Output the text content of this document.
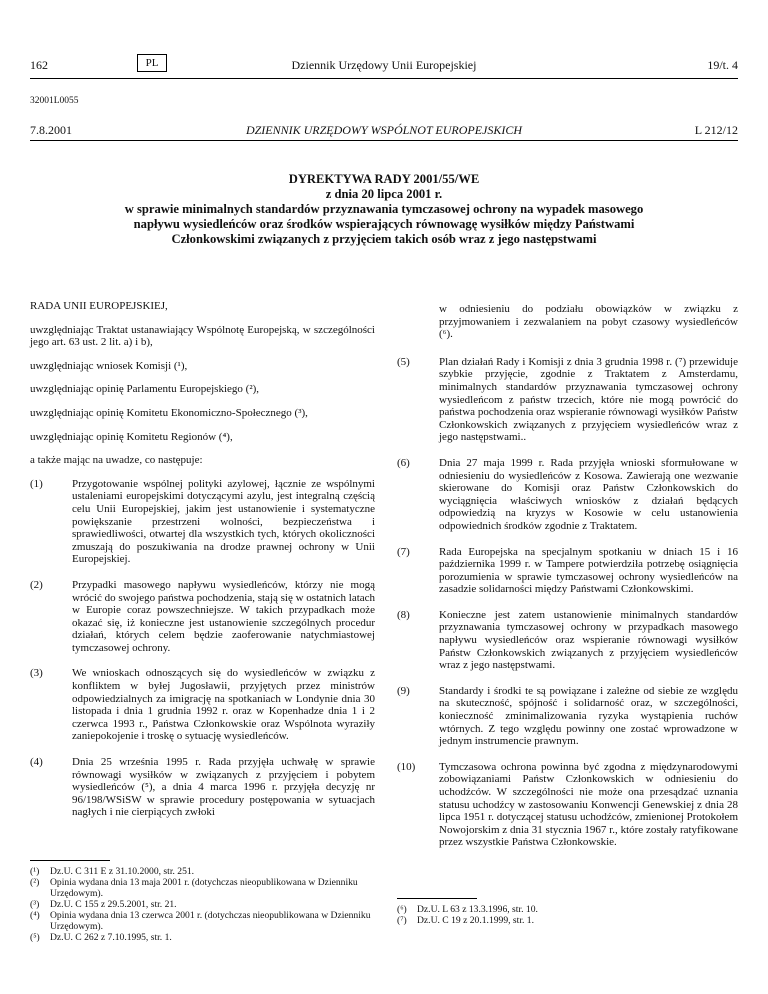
162	PL	Dziennik Urzędowy Unii Europejskiej	19/t. 4
32001L0055
7.8.2001	DZIENNIK URZĘDOWY WSPÓLNOT EUROPEJSKICH	L 212/12
DYREKTYWA RADY 2001/55/WE
z dnia 20 lipca 2001 r.
w sprawie minimalnych standardów przyznawania tymczasowej ochrony na wypadek masowego
napływu wysiedleńców oraz środków wspierających równowagę wysiłków między Państwami
Członkowskimi związanych z przyjęciem takich osób wraz z jego następstwami

RADA UNII EUROPEJSKIEJ,

uwzględniając Traktat ustanawiający Wspólnotę Europejską, w szczególności jego art. 63 ust. 2 lit. a) i b),

uwzględniając wniosek Komisji (¹),

uwzględniając opinię Parlamentu Europejskiego (²),

uwzględniając opinię Komitetu Ekonomiczno-Społecznego (³),

uwzględniając opinię Komitetu Regionów (⁴),

a także mając na uwadze, co następuje:

(1)	Przygotowanie wspólnej polityki azylowej, łącznie ze wspólnymi ustaleniami europejskimi dotyczącymi azylu, jest integralną częścią celu Unii Europejskiej, jakim jest ustanowienie i systematyczne powiększanie przestrzeni wolności, bezpieczeństwa i sprawiedliwości, otwartej dla wszystkich tych, których okoliczności zmuszają do poszukiwania na drodze prawnej ochrony w Unii Europejskiej.
(2)	Przypadki masowego napływu wysiedleńców, którzy nie mogą wrócić do swojego państwa pochodzenia, stają się w ostatnich latach w Europie coraz powszechniejsze. W takich przypadkach może okazać się, iż konieczne jest ustanowienie szczególnych procedur działań, których celem będzie zaoferowanie natychmiastowej tymczasowej ochrony.
(3)	We wnioskach odnoszących się do wysiedleńców w związku z konfliktem w byłej Jugosławii, przyjętych przez ministrów odpowiedzialnych za imigrację na spotkaniach w Londynie dnia 30 listopada i dnia 1 grudnia 1992 r. oraz w Kopenhadze dnia 1 i 2 czerwca 1993 r., Państwa Członkowskie oraz Wspólnota wyraziły zaniepokojenie i troskę o sytuację wysiedleńców.
(4)	Dnia 25 września 1995 r. Rada przyjęła uchwałę w sprawie równowagi wysiłków w związanych z przyjęciem i pobytem wysiedleńców (⁵), a dnia 4 marca 1996 r. przyjęła decyzję nr 96/198/WSiSW w sprawie procedury postępowania w sytuacjach nagłych i nie cierpiących zwłoki
(¹)	Dz.U. C 311 E z 31.10.2000, str. 251.
(²)	Opinia wydana dnia 13 maja 2001 r. (dotychczas nieopublikowana w Dzienniku Urzędowym).
(³)	Dz.U. C 155 z 29.5.2001, str. 21.
(⁴)	Opinia wydana dnia 13 czerwca 2001 r. (dotychczas nieopublikowana w Dzienniku Urzędowym).
(⁵)	Dz.U. C 262 z 7.10.1995, str. 1.
w odniesieniu do podziału obowiązków w związku z przyjmowaniem i zezwalaniem na pobyt czasowy wysiedleńców (⁶).
(5)	Plan działań Rady i Komisji z dnia 3 grudnia 1998 r. (⁷) przewiduje szybkie przyjęcie, zgodnie z Traktatem z Amsterdamu, minimalnych standardów przyznawania tymczasowej ochrony wysiedleńcom z państw trzecich, które nie mogą powrócić do państwa pochodzenia oraz wspieranie równowagi wysiłków Państw Członkowskich związanych z przyjęciem wysiedleńców wraz z jego następstwami..
(6)	Dnia 27 maja 1999 r. Rada przyjęła wnioski sformułowane w odniesieniu do wysiedleńców z Kosowa. Zawierają one wezwanie skierowane do Komisji oraz Państw Członkowskich do wyciągnięcia właściwych wniosków z działań będących odpowiedzią na kryzys w Kosowie w celu ustanowienia odpowiednich środków zgodnie z Traktatem.
(7)	Rada Europejska na specjalnym spotkaniu w dniach 15 i 16 października 1999 r. w Tampere potwierdziła potrzebę osiągnięcia porozumienia w sprawie tymczasowej ochrony wysiedleńców na zasadzie solidarności między Państwami Członkowskimi.
(8)	Konieczne jest zatem ustanowienie minimalnych standardów przyznawania tymczasowej ochrony w przypadkach masowego napływu wysiedleńców oraz wspieranie równowagi wysiłków Państw Członkowskich związanych z przyjęciem wysiedleńców wraz z jego następstwami.
(9)	Standardy i środki te są powiązane i zależne od siebie ze względu na skuteczność, spójność i solidarność oraz, w szczególności, konieczność zminimalizowania ryzyka wystąpienia ruchów wtórnych. Z tego względu powinny one zostać wprowadzone w jednym instrumencie prawnym.
(10)	Tymczasowa ochrona powinna być zgodna z międzynarodowymi zobowiązaniami Państw Członkowskich w odniesieniu do uchodźców. W szczególności nie może ona przesądzać uznania statusu uchodźcy w zastosowaniu Konwencji Genewskiej z dnia 28 lipca 1951 r. dotyczącej statusu uchodźców, zmienionej Protokołem Nowojorskim z dnia 31 stycznia 1967 r., które zostały ratyfikowane przez wszystkie Państwa Członkowskie.
(⁶)	Dz.U. L 63 z 13.3.1996, str. 10.
(⁷)	Dz.U. C 19 z 20.1.1999, str. 1.
